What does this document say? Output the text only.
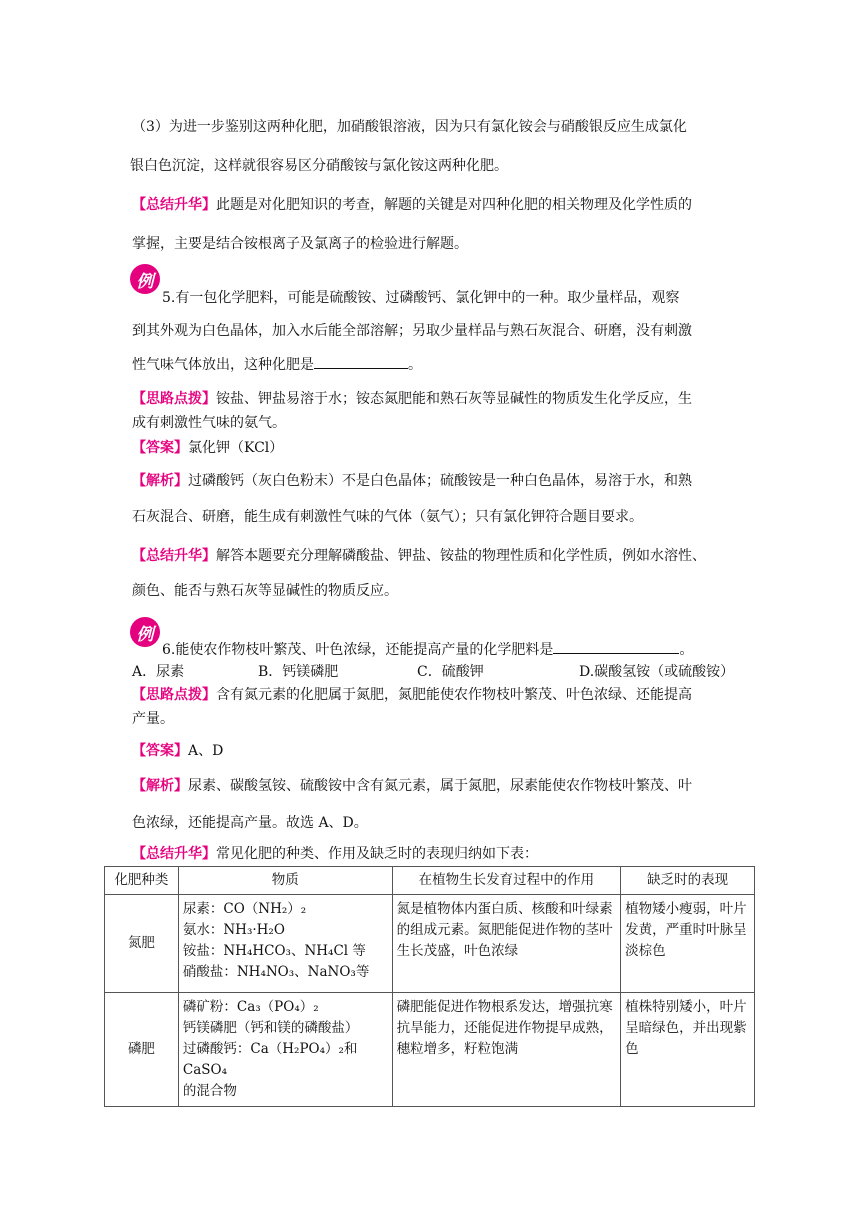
（3）为进一步鉴别这两种化肥，加硝酸银溶液，因为只有氯化铵会与硝酸银反应生成氯化
银白色沉淀，这样就很容易区分硝酸铵与氯化铵这两种化肥。
【总结升华】此题是对化肥知识的考查，解题的关键是对四种化肥的相关物理及化学性质的
掌握，主要是结合铵根离子及氯离子的检验进行解题。
例
5.有一包化学肥料，可能是硫酸铵、过磷酸钙、氯化钾中的一种。取少量样品，观察
到其外观为白色晶体，加入水后能全部溶解；另取少量样品与熟石灰混合、研磨，没有刺激
性气味气体放出，这种化肥是	。
【思路点拨】铵盐、钾盐易溶于水；铵态氮肥能和熟石灰等显碱性的物质发生化学反应，生
成有刺激性气味的氨气。
【答案】氯化钾（KCl）
【解析】过磷酸钙（灰白色粉末）不是白色晶体；硫酸铵是一种白色晶体，易溶于水，和熟
石灰混合、研磨，能生成有刺激性气味的气体（氨气）；只有氯化钾符合题目要求。
【总结升华】解答本题要充分理解磷酸盐、钾盐、铵盐的物理性质和化学性质，例如水溶性、
颜色、能否与熟石灰等显碱性的物质反应。
例
6.能使农作物枝叶繁茂、叶色浓绿，还能提高产量的化学肥料是	。
A．尿素	B．钙镁磷肥	C．硫酸钾	D.碳酸氢铵（或硫酸铵）
【思路点拨】含有氮元素的化肥属于氮肥，氮肥能使农作物枝叶繁茂、叶色浓绿、还能提高
产量。
【答案】A、D
【解析】尿素、碳酸氢铵、硫酸铵中含有氮元素，属于氮肥，尿素能使农作物枝叶繁茂、叶
色浓绿，还能提高产量。故选 A、D。
【总结升华】常见化肥的种类、作用及缺乏时的表现归纳如下表：
化肥种类	物质	在植物生长发育过程中的作用	缺乏时的表现
氮肥	尿素：CO（NH₂）₂
氨水：NH₃·H₂O
铵盐：NH₄HCO₃、NH₄Cl 等
硝酸盐：NH₄NO₃、NaNO₃等	氮是植物体内蛋白质、核酸和叶绿素的组成元素。氮肥能促进作物的茎叶生长茂盛，叶色浓绿	植物矮小瘦弱，叶片发黄，严重时叶脉呈淡棕色
磷肥	磷矿粉：Ca₃（PO₄）₂
钙镁磷肥（钙和镁的磷酸盐）
过磷酸钙：Ca（H₂PO₄）₂和 CaSO₄
的混合物	磷肥能促进作物根系发达，增强抗寒抗旱能力，还能促进作物提早成熟，穗粒增多，籽粒饱满	植株特别矮小，叶片呈暗绿色，并出现紫色
